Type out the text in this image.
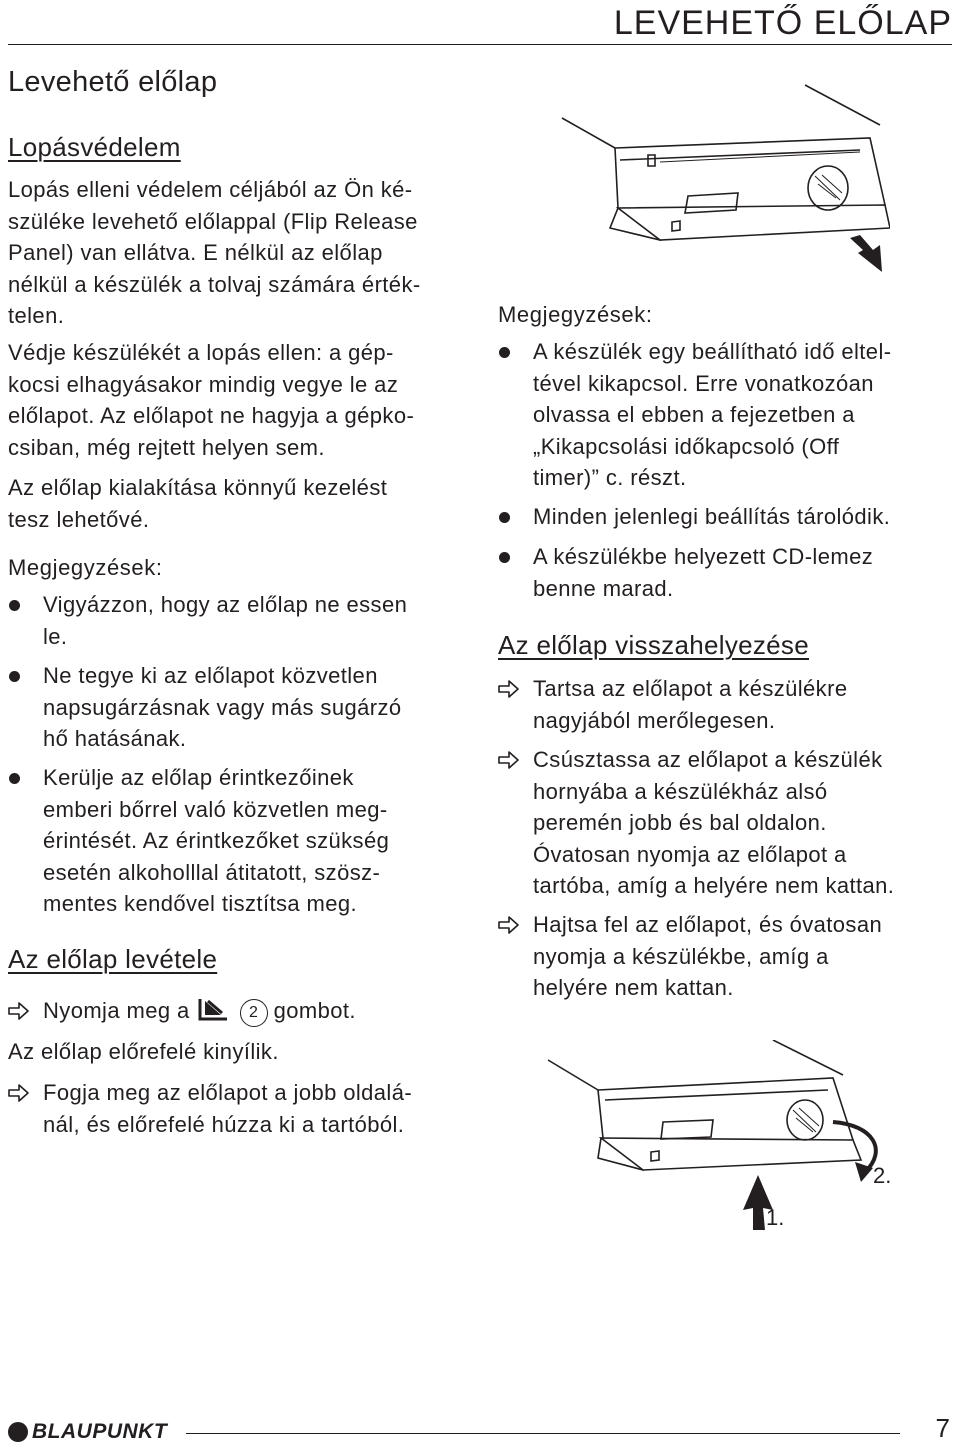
LEVEHETŐ ELŐLAP
Levehető előlap
Lopásvédelem

Lopás elleni védelem céljából az Ön ké-

szüléke levehető előlappal (Flip Release

Panel) van ellátva. E nélkül az előlap

nélkül a készülék a tolvaj számára érték-

telen.

Védje készülékét a lopás ellen: a gép-

kocsi elhagyásakor mindig vegye le az

előlapot. Az előlapot ne hagyja a gépko-

csiban, még rejtett helyen sem.

Az előlap kialakítása könnyű kezelést

tesz lehetővé.

Megjegyzések:
Vigyázzon, hogy az előlap ne essen
le.
Ne tegye ki az előlapot közvetlen
napsugárzásnak vagy más sugárzó
hő hatásának.
Kerülje az előlap érintkezőinek
emberi bőrrel való közvetlen meg-
érintését. Az érintkezőket szükség
esetén alkoholllal átitatott, szösz-
mentes kendővel tisztítsa meg.
Az előlap levétele
Nyomja meg a	2 gombot.
Az előlap előrefelé kinyílik.
Fogja meg az előlapot a jobb oldalá-
nál, és előrefelé húzza ki a tartóból.
Megjegyzések:
A készülék egy beállítható idő eltel-
tével kikapcsol. Erre vonatkozóan
olvassa el ebben a fejezetben a
„Kikapcsolási időkapcsoló (Off
timer)” c. részt.
Minden jelenlegi beállítás tárolódik.
A készülékbe helyezett CD-lemez
benne marad.
Az előlap visszahelyezése
Tartsa az előlapot a készülékre
nagyjából merőlegesen.
Csúsztassa az előlapot a készülék
hornyába a készülékház alsó
peremén jobb és bal oldalon.
Óvatosan nyomja az előlapot a
tartóba, amíg a helyére nem kattan.
Hajtsa fel az előlapot, és óvatosan
nyomja a készülékbe, amíg a
helyére nem kattan.
1.
2.
BLAUPUNKT	7
